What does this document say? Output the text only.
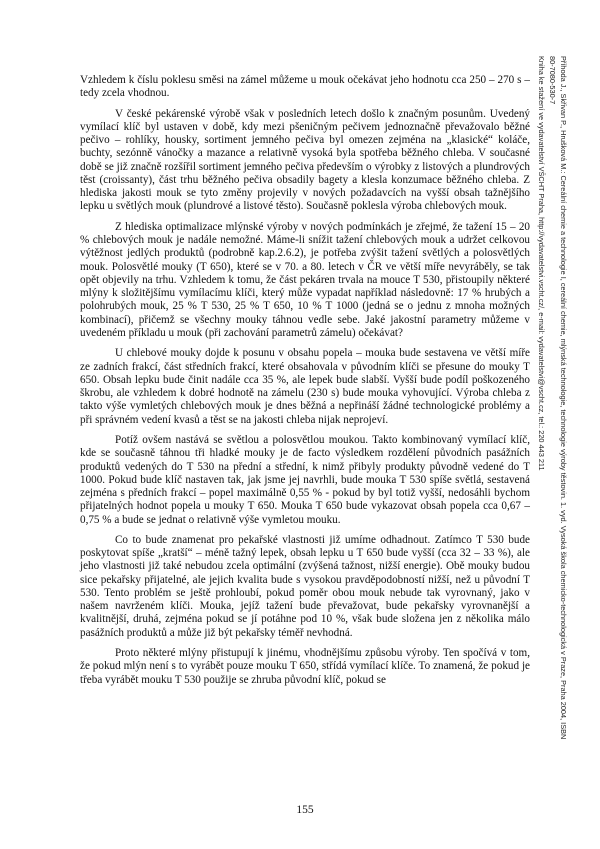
Vzhledem k číslu poklesu směsi na zámel můžeme u mouk očekávat jeho hodnotu cca 250 – 270 s – tedy zcela vhodnou.

V české pekárenské výrobě však v posledních letech došlo k značným posunům. Uvedený vymílací klíč byl ustaven v době, kdy mezi pšeničným pečivem jednoznačně převažovalo běžné pečivo – rohlíky, housky, sortiment jemného pečiva byl omezen zejména na „klasické“ koláče, buchty, sezónně vánočky a mazance a relativně vysoká byla spotřeba běžného chleba. V současné době se již značně rozšířil sortiment jemného pečiva především o výrobky z listových a plundrových těst (croissanty), část trhu běžného pečiva obsadily bagety a klesla konzumace běžného chleba. Z hlediska jakosti mouk se tyto změny projevily v nových požadavcích na vyšší obsah tažnějšího lepku u světlých mouk (plundrové a listové těsto). Současně poklesla výroba chlebových mouk.

Z hlediska optimalizace mlýnské výroby v nových podmínkách je zřejmé, že tažení 15 – 20 % chlebových mouk je nadále nemožné. Máme-li snížit tažení chlebových mouk a udržet celkovou výtěžnost jedlých produktů (podrobně kap.2.6.2), je potřeba zvýšit tažení světlých a polosvětlých mouk. Polosvětlé mouky (T 650), které se v 70. a 80. letech v ČR ve větší míře nevyráběly, se tak opět objevily na trhu. Vzhledem k tomu, že část pekáren trvala na mouce T 530, přistoupily některé mlýny k složitějšímu vymílacímu klíči, který může vypadat například následovně: 17 % hrubých a polohrubých mouk, 25 % T 530, 25 % T 650, 10 % T 1000 (jedná se o jednu z mnoha možných kombinací), přičemž se všechny mouky táhnou vedle sebe. Jaké jakostní parametry můžeme v uvedeném příkladu u mouk (při zachování parametrů zámelu) očekávat?

U chlebové mouky dojde k posunu v obsahu popela – mouka bude sestavena ve větší míře ze zadních frakcí, část středních frakcí, které obsahovala v původním klíči se přesune do mouky T 650. Obsah lepku bude činit nadále cca 35 %, ale lepek bude slabší. Vyšší bude podíl poškozeného škrobu, ale vzhledem k dobré hodnotě na zámelu (230 s) bude mouka vyhovující. Výroba chleba z takto výše vymletých chlebových mouk je dnes běžná a nepřináší žádné technologické problémy a při správném vedení kvasů a těst se na jakosti chleba nijak neprojeví.

Potíž ovšem nastává se světlou a polosvětlou moukou. Takto kombinovaný vymílací klíč, kde se současně táhnou tři hladké mouky je de facto výsledkem rozdělení původních pasážních produktů vedených do T 530 na přední a střední, k nimž přibyly produkty původně vedené do T 1000. Pokud bude klíč nastaven tak, jak jsme jej navrhli, bude mouka T 530 spíše světlá, sestavená zejména s předních frakcí – popel maximálně 0,55 % - pokud by byl totiž vyšší, nedosáhli bychom přijatelných hodnot popela u mouky T 650. Mouka T 650 bude vykazovat obsah popela cca 0,67 – 0,75 % a bude se jednat o relativně výše vymletou mouku.

Co to bude znamenat pro pekařské vlastnosti již umíme odhadnout. Zatímco T 530 bude poskytovat spíše „kratší“ – méně tažný lepek, obsah lepku u T 650 bude vyšší (cca 32 – 33 %), ale jeho vlastnosti již také nebudou zcela optimální (zvýšená tažnost, nižší energie). Obě mouky budou sice pekařsky přijatelné, ale jejich kvalita bude s vysokou pravděpodobností nižší, než u původní T 530. Tento problém se ještě prohloubí, pokud poměr obou mouk nebude tak vyrovnaný, jako v našem navrženém klíči. Mouka, jejíž tažení bude převažovat, bude pekařsky vyrovnanější a kvalitnější, druhá, zejména pokud se jí potáhne pod 10 %, však bude složena jen z několika málo pasážních produktů a může již být pekařsky téměř nevhodná.

Proto některé mlýny přistupují k jinému, vhodnějšímu způsobu výroby. Ten spočívá v tom, že pokud mlýn není s to vyrábět pouze mouku T 650, střídá vymílací klíče. To znamená, že pokud je třeba vyrábět mouku T 530 použije se zhruba původní klíč, pokud se

155
Příhoda J., Skřivan P., Hrušková M.: Cereální chemie a technologie I, cereální chemie, mlýnská technologie, technologie výroby těstovin. 1. vyd. Vysoká škola chemicko-technologická v Praze, Praha 2004, ISBN
80-7080-530-7
Kniha ke stažení ve vydavatelství VŠCHT Praha, http://vydavatelstvi.vscht.cz/, e-mail: vydavatelstvi@vscht.cz, tel.: 220 443 211
